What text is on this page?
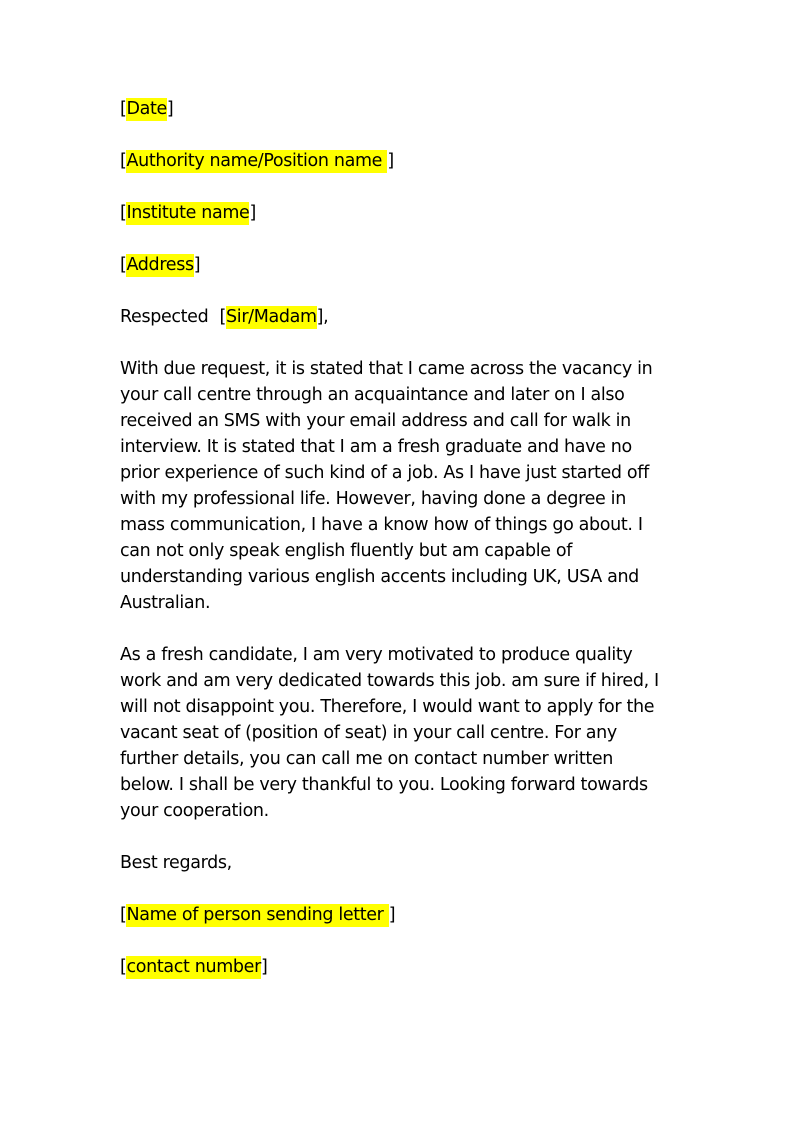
[Date]
[Authority name/Position name ]
[Institute name]
[Address]
Respected [Sir/Madam],

With due request, it is stated that I came across the vacancy in

your call centre through an acquaintance and later on I also

received an SMS with your email address and call for walk in

interview. It is stated that I am a fresh graduate and have no

prior experience of such kind of a job. As I have just started off

with my professional life. However, having done a degree in

mass communication, I have a know how of things go about. I

can not only speak english fluently but am capable of

understanding various english accents including UK, USA and

Australian.

As a fresh candidate, I am very motivated to produce quality

work and am very dedicated towards this job. am sure if hired, I

will not disappoint you. Therefore, I would want to apply for the

vacant seat of (position of seat) in your call centre. For any

further details, you can call me on contact number written

below. I shall be very thankful to you. Looking forward towards

your cooperation.

Best regards,
[Name of person sending letter ]
[contact number]
